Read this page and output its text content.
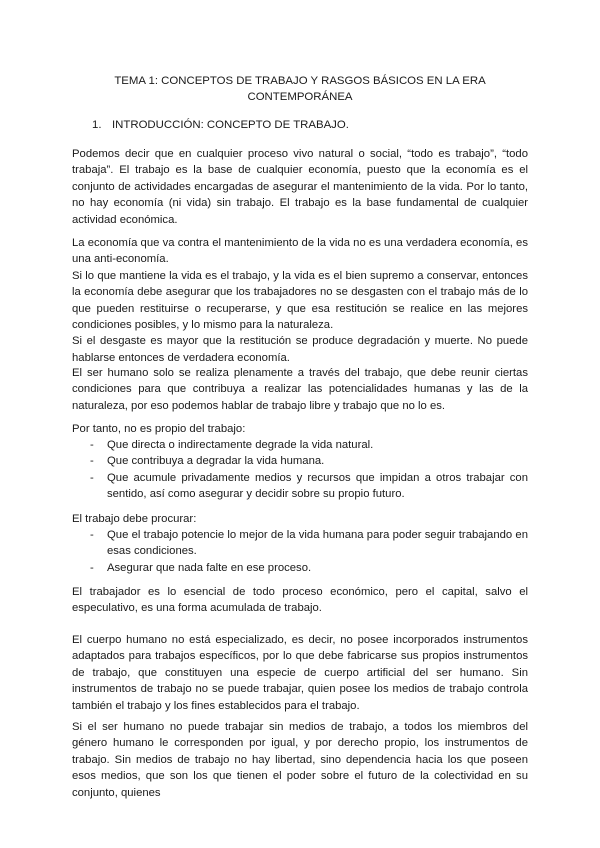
TEMA 1: CONCEPTOS DE TRABAJO Y RASGOS BÁSICOS EN LA ERA
CONTEMPORÁNEA
1. INTRODUCCIÓN: CONCEPTO DE TRABAJO.

Podemos decir que en cualquier proceso vivo natural o social, “todo es trabajo”, “todo trabaja”. El trabajo es la base de cualquier economía, puesto que la economía es el conjunto de actividades encargadas de asegurar el mantenimiento de la vida. Por lo tanto, no hay economía (ni vida) sin trabajo. El trabajo es la base fundamental de cualquier actividad económica.

La economía que va contra el mantenimiento de la vida no es una verdadera economía, es una anti-economía.
Si lo que mantiene la vida es el trabajo, y la vida es el bien supremo a conservar, entonces la economía debe asegurar que los trabajadores no se desgasten con el trabajo más de lo que pueden restituirse o recuperarse, y que esa restitución se realice en las mejores condiciones posibles, y lo mismo para la naturaleza.
Si el desgaste es mayor que la restitución se produce degradación y muerte. No puede hablarse entonces de verdadera economía.

El ser humano solo se realiza plenamente a través del trabajo, que debe reunir ciertas condiciones para que contribuya a realizar las potencialidades humanas y las de la naturaleza, por eso podemos hablar de trabajo libre y trabajo que no lo es.

Por tanto, no es propio del trabajo:
- Que directa o indirectamente degrade la vida natural.
- Que contribuya a degradar la vida humana.
- Que acumule privadamente medios y recursos que impidan a otros trabajar con sentido, así como asegurar y decidir sobre su propio futuro.
El trabajo debe procurar:
- Que el trabajo potencie lo mejor de la vida humana para poder seguir trabajando en esas condiciones.
- Asegurar que nada falte en ese proceso.

El trabajador es lo esencial de todo proceso económico, pero el capital, salvo el especulativo, es una forma acumulada de trabajo.

El cuerpo humano no está especializado, es decir, no posee incorporados instrumentos adaptados para trabajos específicos, por lo que debe fabricarse sus propios instrumentos de trabajo, que constituyen una especie de cuerpo artificial del ser humano. Sin instrumentos de trabajo no se puede trabajar, quien posee los medios de trabajo controla también el trabajo y los fines establecidos para el trabajo.

Si el ser humano no puede trabajar sin medios de trabajo, a todos los miembros del género humano le corresponden por igual, y por derecho propio, los instrumentos de trabajo. Sin medios de trabajo no hay libertad, sino dependencia hacia los que poseen esos medios, que son los que tienen el poder sobre el futuro de la colectividad en su conjunto, quienes
